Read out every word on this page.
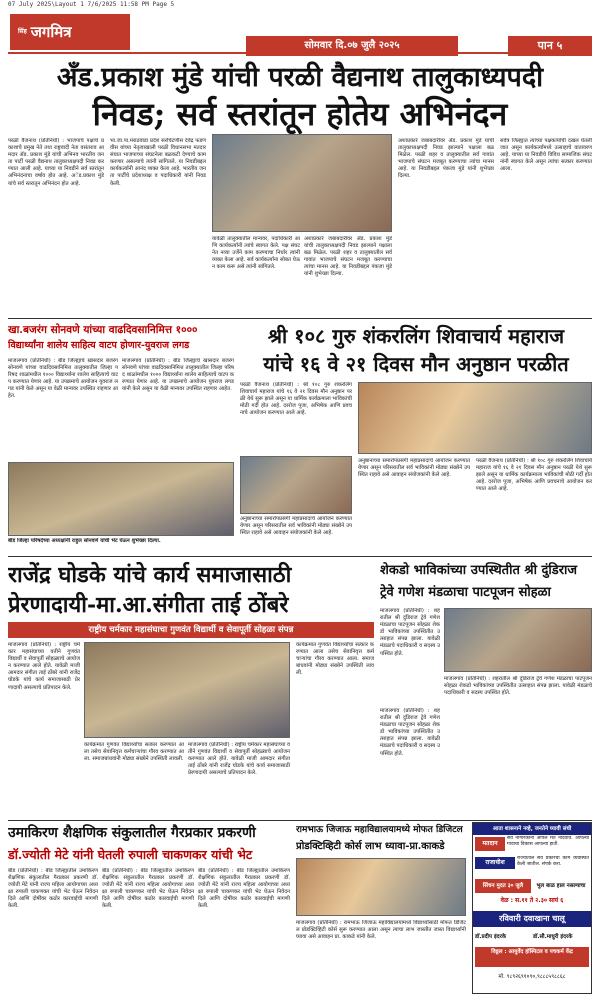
07 July 2025\Layout 1 7/6/2025 11:58 PM Page 5
$^{सिंह}$ जगमित्र
सोमवार दि.०७ जुलै २०२५	पान ५
अँड.प्रकाश मुंडे यांची परळी वैद्यनाथ तालुकाध्यपदी
निवड; सर्व स्तरांतून होतेय अभिनंदन
परळी वैजनाथ (प्रतिनिधी) : भाजपाचे पक्षाचे प्रकाशाचे प्रमुख नेते तथा राष्ट्रवादी नेता वसंतराव आमदार ॲड. प्रकाश मुंडे यांची अभिनव भारतीय जनता पार्टी परळी वैद्यनाथ तालुकाध्यक्षपदी निवड करण्यात आली आहे. याच्या या निवडीने सर्व स्तरांतून अभिनंदनाचा वर्षाव होत आहे. अॅड.प्रकाश मुंडे यांचे सर्व स्तरातून अभिनंदन होत आहे.
भा.जा.पा.मराठवाडा प्रदेश सरचिटणीस देवेंद्र फडणवीस यांच्या नेतृत्वाखाली परळी विधानसभा मतदारसंघात भाजपाच्या संघटनेला बळकटी देण्याचे काम करणार असल्याचे त्यांनी सांगितले. या निवडीबद्दल कार्यकर्त्यांनी आनंद व्यक्त केला आहे. भारतीय जनता पार्टीचे प्रदेशाध्यक्ष व पदाधिकारी यांनी निवड केली.
यावेळी तालुक्यातील मान्यवर, पदाधिकारी आणि कार्यकर्त्यांनी त्यांचे स्वागत केले. पक्ष संघटनेत नव्या उर्जेने काम करण्याचा निर्धार त्यांनी व्यक्त केला आहे. सर्व कार्यकर्त्यांना सोबत घेऊन काम करू असे त्यांनी सांगितले.
अशाप्रकारे जबाबदारीवर ॲड. प्रकाश मुंडे यांची तालुकाध्यक्षपदी निवड झाल्याने पक्षाला बळ मिळेल. परळी शहर व तालुक्यातील सर्व गावांत भाजपाचे संघटन मजबूत करण्याचा त्यांचा मानस आहे. या निवडीबद्दल पंकजा मुंडे यांनी शुभेच्छा दिल्या.
अशाप्रकारे जबाबदारीवर ॲड. प्रकाश मुंडे यांची तालुकाध्यक्षपदी निवड झाल्याने पक्षाला बळ मिळेल. परळी शहर व तालुक्यातील सर्व गावांत भाजपाचे संघटन मजबूत करण्याचा त्यांचा मानस आहे. या निवडीबद्दल पंकजा मुंडे यांनी शुभेच्छा दिल्या.
सर्वत्र जिल्ह्यात त्यांच्या पक्षकार्याची दखल घेतली जात असून कार्यकर्त्यांमध्ये उत्साहाचे वातावरण आहे. याच्या या निवडीचे विविध सामाजिक संघटनांनी स्वागत केले असून त्यांचा सत्कार करण्यात आला.
खा.बजरंग सोनवणे यांच्या वाढदिवसानिमित्त १०००
विद्यार्थ्यांना शालेय साहित्य वाटप होणार-युवराज लगड
माजलगाव (प्रतिनिधी) : बीड जिल्ह्याचे खासदार बजरंग सोनवणे यांच्या वाढदिवसानिमित्त तालुक्यातील जिल्हा परिषद शाळांमधील १००० विद्यार्थ्यांना शालेय साहित्याचे वाटप करण्यात येणार आहे. या उपक्रमाचे आयोजन युवराज लगड यांनी केले असून या वेळी मान्यवर उपस्थित राहणार आहेत.
माजलगाव (प्रतिनिधी) : बीड जिल्ह्याचे खासदार बजरंग सोनवणे यांच्या वाढदिवसानिमित्त तालुक्यातील जिल्हा परिषद शाळांमधील १००० विद्यार्थ्यांना शालेय साहित्याचे वाटप करण्यात येणार आहे. या उपक्रमाचे आयोजन युवराज लगड यांनी केले असून या वेळी मान्यवर उपस्थित राहणार आहेत.
बीड जिल्हा परिषदेच्या अध्यक्षांनी राहुल सोनवणे यांची भेट घेऊन शुभेच्छा दिल्या.
श्री १०८ गुरु शंकरलिंग शिवाचार्य महाराज
यांचे १६ वे २१ दिवस मौन अनुष्ठान परळीत
परळी वैजनाथ (प्रतिनिधी) : श्री १०८ गुरु शंकरलिंग शिवाचार्य महाराज यांचे १६ वे २१ दिवस मौन अनुष्ठान परळी येथे सुरू झाले असून या धार्मिक कार्यक्रमाला भाविकांची मोठी गर्दी होत आहे. दररोज पूजा, अभिषेक आणि प्रवचनाचे आयोजन करण्यात आले आहे.
अनुष्ठानाच्या समारोपप्रसंगी महाप्रसादाचे आयोजन करण्यात येणार असून परिसरातील सर्व भाविकांनी मोठ्या संख्येने उपस्थित राहावे असे आवाहन संयोजकांनी केले आहे.
परळी वैजनाथ (प्रतिनिधी) : श्री १०८ गुरु शंकरलिंग शिवाचार्य महाराज यांचे १६ वे २१ दिवस मौन अनुष्ठान परळी येथे सुरू झाले असून या धार्मिक कार्यक्रमाला भाविकांची मोठी गर्दी होत आहे. दररोज पूजा, अभिषेक आणि प्रवचनाचे आयोजन करण्यात आले आहे.
अनुष्ठानाच्या समारोपप्रसंगी महाप्रसादाचे आयोजन करण्यात येणार असून परिसरातील सर्व भाविकांनी मोठ्या संख्येने उपस्थित राहावे असे आवाहन संयोजकांनी केले आहे.
राजेंद्र घोडके यांचे कार्य समाजासाठी
प्रेरणादायी-मा.आ.संगीता ताई ठोंबरे
राष्ट्रीय चर्मकार महासंघाचा गुणवंत विद्यार्थी व सेवापूर्ती सोहळा संपन्न
माजलगाव (प्रतिनिधी) : राष्ट्रीय चर्मकार महासंघाच्या वतीने गुणवंत विद्यार्थी व सेवापूर्ती सोहळ्याचे आयोजन करण्यात आले होते. यावेळी माजी आमदार संगीता ताई ठोंबरे यांनी राजेंद्र घोडके यांचे कार्य समाजासाठी प्रेरणादायी असल्याचे प्रतिपादन केले.
कार्यक्रमात गुणवंत विद्यार्थ्यांचा सत्कार करण्यात आला तसेच सेवानिवृत्त कर्मचाऱ्यांचा गौरव करण्यात आला. समाजबांधवांनी मोठ्या संख्येने उपस्थिती लावली.
माजलगाव (प्रतिनिधी) : राष्ट्रीय चर्मकार महासंघाच्या वतीने गुणवंत विद्यार्थी व सेवापूर्ती सोहळ्याचे आयोजन करण्यात आले होते. यावेळी माजी आमदार संगीता ताई ठोंबरे यांनी राजेंद्र घोडके यांचे कार्य समाजासाठी प्रेरणादायी असल्याचे प्रतिपादन केले.
कार्यक्रमात गुणवंत विद्यार्थ्यांचा सत्कार करण्यात आला तसेच सेवानिवृत्त कर्मचाऱ्यांचा गौरव करण्यात आला. समाजबांधवांनी मोठ्या संख्येने उपस्थिती लावली.
शेकडो भाविकांच्या उपस्थितीत श्री दुंडिराज
ट्रेवे गणेश मंडळाचा पाटपूजन सोहळा
माजलगाव (प्रतिनिधी) : शहरातील श्री दुंडिराज ट्रेवे गणेश मंडळाचा पाटपूजन सोहळा शेकडो भाविकांच्या उपस्थितीत उत्साहात संपन्न झाला. यावेळी मंडळाचे पदाधिकारी व सदस्य उपस्थित होते.
माजलगाव (प्रतिनिधी) : शहरातील श्री दुंडिराज ट्रेवे गणेश मंडळाचा पाटपूजन सोहळा शेकडो भाविकांच्या उपस्थितीत उत्साहात संपन्न झाला. यावेळी मंडळाचे पदाधिकारी व सदस्य उपस्थित होते.
माजलगाव (प्रतिनिधी) : शहरातील श्री दुंडिराज ट्रेवे गणेश मंडळाचा पाटपूजन सोहळा शेकडो भाविकांच्या उपस्थितीत उत्साहात संपन्न झाला. यावेळी मंडळाचे पदाधिकारी व सदस्य उपस्थित होते.
उमाकिरण शैक्षणिक संकुलातील गैरप्रकार प्रकरणी
डॉ.ज्योती मेटे यांनी घेतली रुपाली चाकणकर यांची भेट
बीड (प्रतिनिधी) : बीड जिल्ह्यातील उमाकिरण शैक्षणिक संकुलातील गैरप्रकार प्रकरणी डॉ. ज्योती मेटे यांनी राज्य महिला आयोगाच्या अध्यक्षा रुपाली चाकणकर यांची भेट घेऊन निवेदन दिले आणि दोषींवर कठोर कारवाईची मागणी केली.
बीड (प्रतिनिधी) : बीड जिल्ह्यातील उमाकिरण शैक्षणिक संकुलातील गैरप्रकार प्रकरणी डॉ. ज्योती मेटे यांनी राज्य महिला आयोगाच्या अध्यक्षा रुपाली चाकणकर यांची भेट घेऊन निवेदन दिले आणि दोषींवर कठोर कारवाईची मागणी केली.
बीड (प्रतिनिधी) : बीड जिल्ह्यातील उमाकिरण शैक्षणिक संकुलातील गैरप्रकार प्रकरणी डॉ. ज्योती मेटे यांनी राज्य महिला आयोगाच्या अध्यक्षा रुपाली चाकणकर यांची भेट घेऊन निवेदन दिले आणि दोषींवर कठोर कारवाईची मागणी केली.
रामभाऊ जिजाऊ महाविद्यालयामध्ये मोफत डिजिटल
प्रोडक्टिव्हिटी कोर्स लाभ ध्यावा-प्रा.काकडे
माजलगाव (प्रतिनिधी) : रामभाऊ जिजाऊ महाविद्यालयामध्ये विद्यार्थ्यांसाठी मोफत डिजिटल प्रोडक्टिव्हिटी कोर्स सुरू करण्यात आला असून त्याचा लाभ जास्तीत जास्त विद्यार्थ्यांनी घ्यावा असे आवाहन प्रा. काकडे यांनी केले.
आता शासनाने नव्हे, जनतेने घ्यावी संधी
मतदान
सर्व नागरिकांनी आपले मत नोंदवावे. आपल्या गावाचा विकास आपल्या हाती.
राजाधीश
राज्यातील सर्व प्रकारची कामे व्यवस्थित केली जातील. संपर्क करा.
सिंचन मुदत ३० जुलै	भुल बाळ हाल नसल्याचा
वेळ : स.११ ते २.३० सायं ६
रविवारी दवाखाना चालू
डॉ.प्रदीप इंदरके	डॉ.सौ.माधुरी इंदरके
विठ्ठल : आयुर्वेद हॉस्पिटल व पचकर्म केंद्र
मो. ९८९२६९१०९०,९८८८५९८८६८
